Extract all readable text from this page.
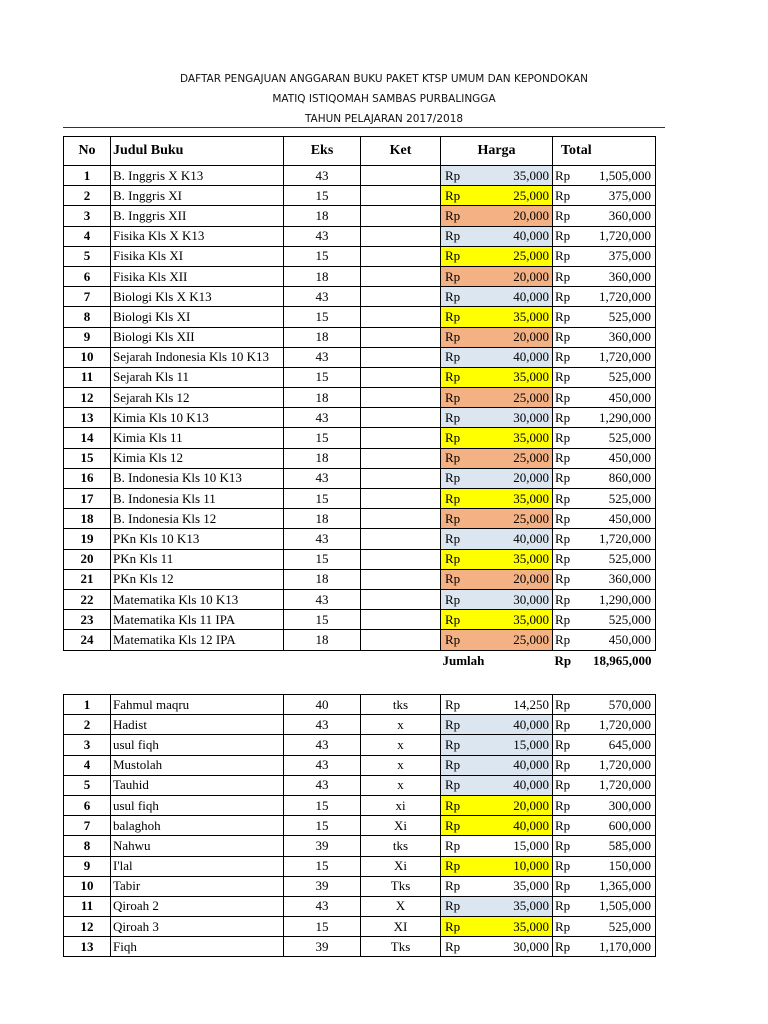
DAFTAR PENGAJUAN ANGGARAN BUKU PAKET KTSP UMUM DAN KEPONDOKAN
MATIQ ISTIQOMAH SAMBAS PURBALINGGA
TAHUN PELAJARAN 2017/2018
No	Judul Buku	Eks	Ket	Harga		Total	
1	B. Inggris X K13	43		Rp	35,000	Rp	1,505,000
2	B. Inggris XI	15		Rp	25,000	Rp	375,000
3	B. Inggris XII	18		Rp	20,000	Rp	360,000
4	Fisika Kls X K13	43		Rp	40,000	Rp	1,720,000
5	Fisika Kls XI	15		Rp	25,000	Rp	375,000
6	Fisika Kls XII	18		Rp	20,000	Rp	360,000
7	Biologi Kls X K13	43		Rp	40,000	Rp	1,720,000
8	Biologi Kls XI	15		Rp	35,000	Rp	525,000
9	Biologi Kls XII	18		Rp	20,000	Rp	360,000
10	Sejarah Indonesia Kls 10 K13	43		Rp	40,000	Rp	1,720,000
11	Sejarah Kls 11	15		Rp	35,000	Rp	525,000
12	Sejarah Kls 12	18		Rp	25,000	Rp	450,000
13	Kimia Kls 10 K13	43		Rp	30,000	Rp	1,290,000
14	Kimia Kls 11	15		Rp	35,000	Rp	525,000
15	Kimia Kls 12	18		Rp	25,000	Rp	450,000
16	B. Indonesia Kls 10 K13	43		Rp	20,000	Rp	860,000
17	B. Indonesia Kls 11	15		Rp	35,000	Rp	525,000
18	B. Indonesia Kls 12	18		Rp	25,000	Rp	450,000
19	PKn Kls 10 K13	43		Rp	40,000	Rp	1,720,000
20	PKn Kls 11	15		Rp	35,000	Rp	525,000
21	PKn Kls 12	18		Rp	20,000	Rp	360,000
22	Matematika Kls 10 K13	43		Rp	30,000	Rp	1,290,000
23	Matematika Kls 11 IPA	15		Rp	35,000	Rp	525,000
24	Matematika Kls 12 IPA	18		Rp	25,000	Rp	450,000
				Jumlah		Rp	18,965,000
1	Fahmul maqru	40	tks	Rp	14,250	Rp	570,000
2	Hadist	43	x	Rp	40,000	Rp	1,720,000
3	usul fiqh	43	x	Rp	15,000	Rp	645,000
4	Mustolah	43	x	Rp	40,000	Rp	1,720,000
5	Tauhid	43	x	Rp	40,000	Rp	1,720,000
6	usul fiqh	15	xi	Rp	20,000	Rp	300,000
7	balaghoh	15	Xi	Rp	40,000	Rp	600,000
8	Nahwu	39	tks	Rp	15,000	Rp	585,000
9	I'lal	15	Xi	Rp	10,000	Rp	150,000
10	Tabir	39	Tks	Rp	35,000	Rp	1,365,000
11	Qiroah 2	43	X	Rp	35,000	Rp	1,505,000
12	Qiroah 3	15	XI	Rp	35,000	Rp	525,000
13	Fiqh	39	Tks	Rp	30,000	Rp	1,170,000
